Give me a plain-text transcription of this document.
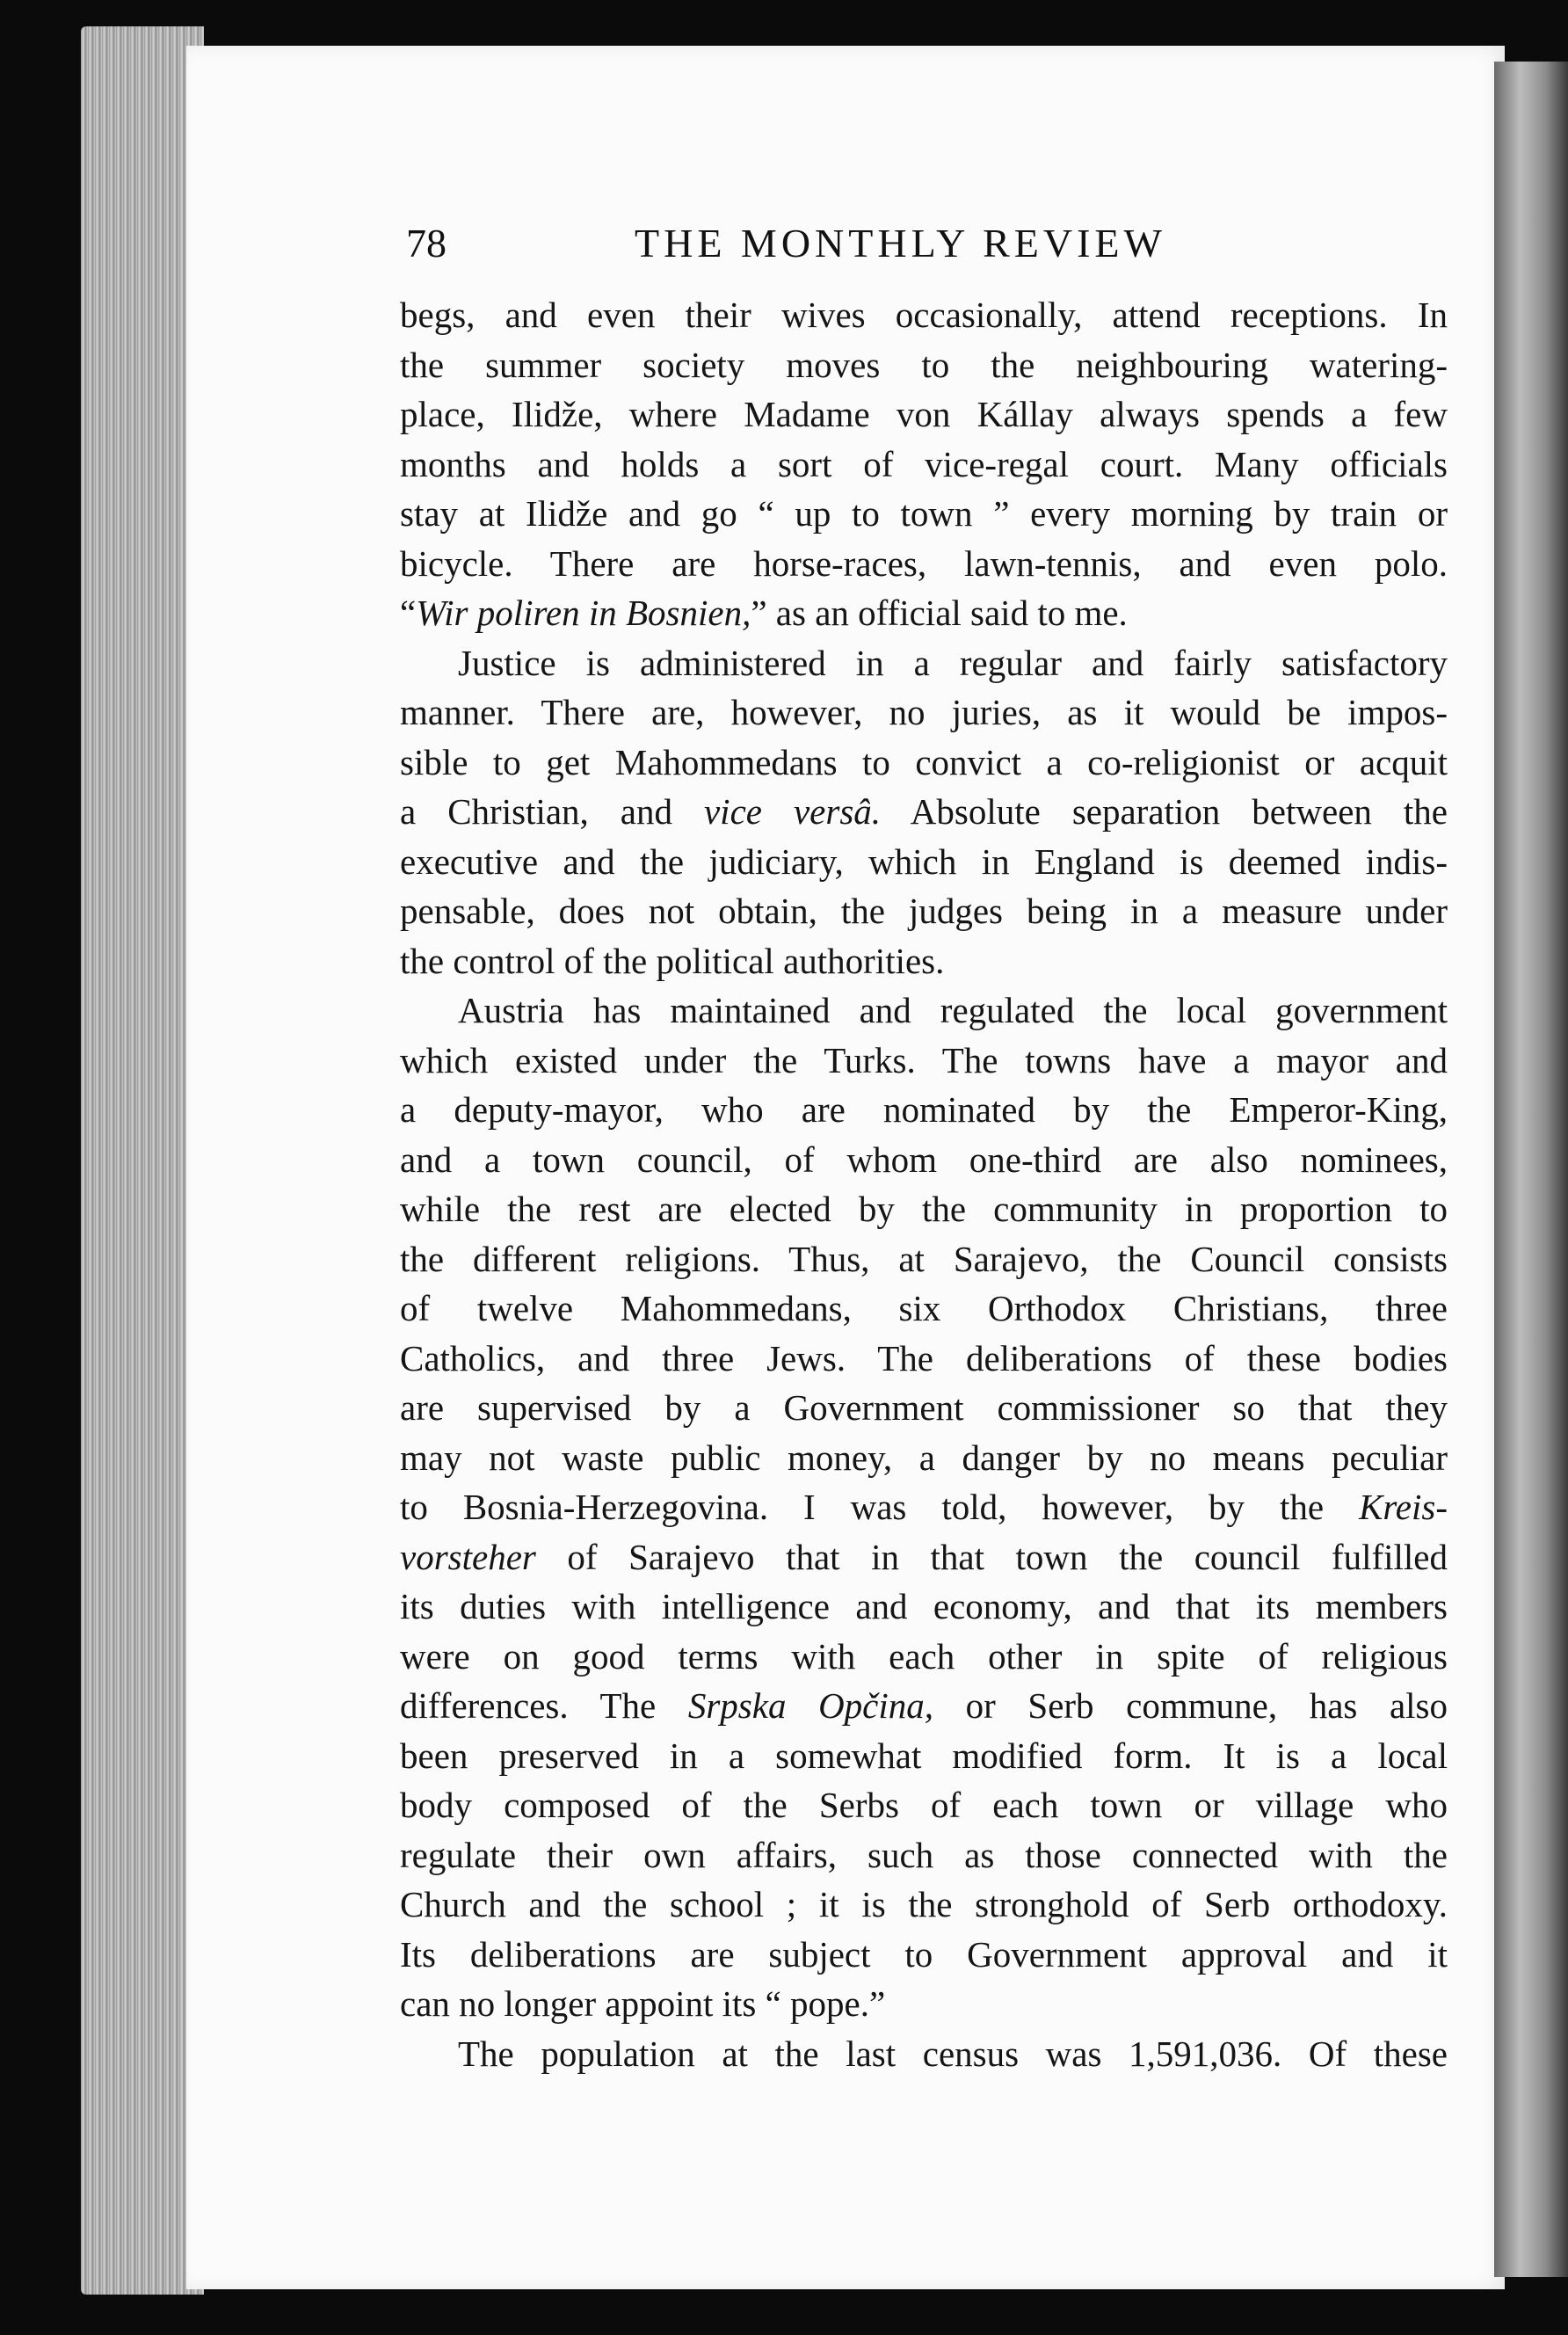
78	THE MONTHLY REVIEW

begs, and even their wives occasionally, attend receptions. In
the summer society moves to the neighbouring watering-
place, Ilidže, where Madame von Kállay always spends a few
months and holds a sort of vice-regal court. Many officials
stay at Ilidže and go “ up to town ” every morning by train or
bicycle. There are horse-races, lawn-tennis, and even polo.
“Wir poliren in Bosnien,” as an official said to me.

Justice is administered in a regular and fairly satisfactory
manner. There are, however, no juries, as it would be impos-
sible to get Mahommedans to convict a co-religionist or acquit
a Christian, and vice versâ. Absolute separation between the
executive and the judiciary, which in England is deemed indis-
pensable, does not obtain, the judges being in a measure under
the control of the political authorities.

Austria has maintained and regulated the local government
which existed under the Turks. The towns have a mayor and
a deputy-mayor, who are nominated by the Emperor-King,
and a town council, of whom one-third are also nominees,
while the rest are elected by the community in proportion to
the different religions. Thus, at Sarajevo, the Council consists
of twelve Mahommedans, six Orthodox Christians, three
Catholics, and three Jews. The deliberations of these bodies
are supervised by a Government commissioner so that they
may not waste public money, a danger by no means peculiar
to Bosnia-Herzegovina. I was told, however, by the Kreis-
vorsteher of Sarajevo that in that town the council fulfilled
its duties with intelligence and economy, and that its members
were on good terms with each other in spite of religious
differences. The Srpska Opčina, or Serb commune, has also
been preserved in a somewhat modified form. It is a local
body composed of the Serbs of each town or village who
regulate their own affairs, such as those connected with the
Church and the school ; it is the stronghold of Serb orthodoxy.
Its deliberations are subject to Government approval and it
can no longer appoint its “ pope.”

The population at the last census was 1,591,036. Of these
